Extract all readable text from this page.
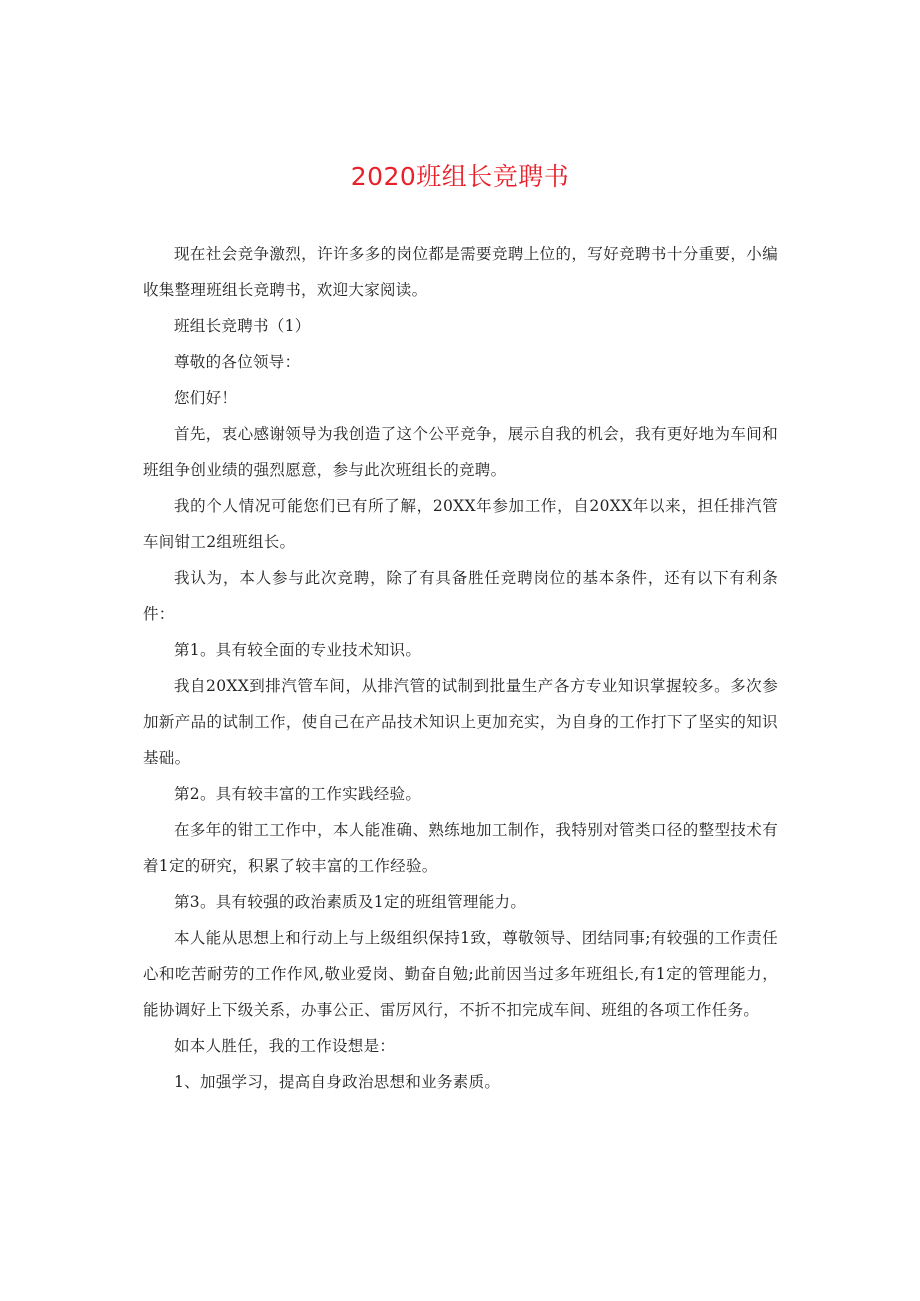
2020班组长竞聘书

现在社会竞争激烈，许许多多的岗位都是需要竞聘上位的，写好竞聘书十分重要，小编收集整理班组长竞聘书，欢迎大家阅读。

班组长竞聘书（1）

尊敬的各位领导：

您们好！

首先，衷心感谢领导为我创造了这个公平竞争，展示自我的机会，我有更好地为车间和班组争创业绩的强烈愿意，参与此次班组长的竞聘。

我的个人情况可能您们已有所了解，20XX年参加工作，自20XX年以来，担任排汽管车间钳工2组班组长。

我认为，本人参与此次竞聘，除了有具备胜任竞聘岗位的基本条件，还有以下有利条件：

第1。具有较全面的专业技术知识。

我自20XX到排汽管车间，从排汽管的试制到批量生产各方专业知识掌握较多。多次参加新产品的试制工作，使自己在产品技术知识上更加充实，为自身的工作打下了坚实的知识基础。

第2。具有较丰富的工作实践经验。

在多年的钳工工作中，本人能准确、熟练地加工制作，我特别对管类口径的整型技术有着1定的研究，积累了较丰富的工作经验。

第3。具有较强的政治素质及1定的班组管理能力。

本人能从思想上和行动上与上级组织保持1致，尊敬领导、团结同事;有较强的工作责任心和吃苦耐劳的工作作风,敬业爱岗、勤奋自勉;此前因当过多年班组长,有1定的管理能力，能协调好上下级关系，办事公正、雷厉风行，不折不扣完成车间、班组的各项工作任务。

如本人胜任，我的工作设想是：

1、加强学习，提高自身政治思想和业务素质。
